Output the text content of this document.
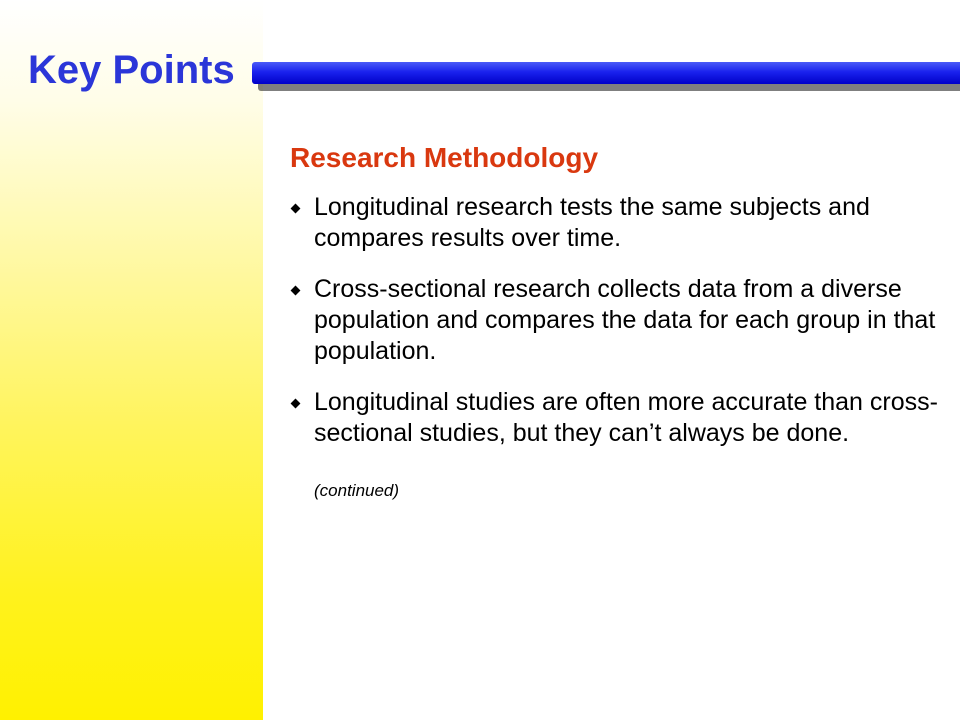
Key Points
Research Methodology
Longitudinal research tests the same subjects and compares results over time.
Cross-sectional research collects data from a diverse population and compares the data for each group in that population.
Longitudinal studies are often more accurate than cross-sectional studies, but they can’t always be done.
(continued)
